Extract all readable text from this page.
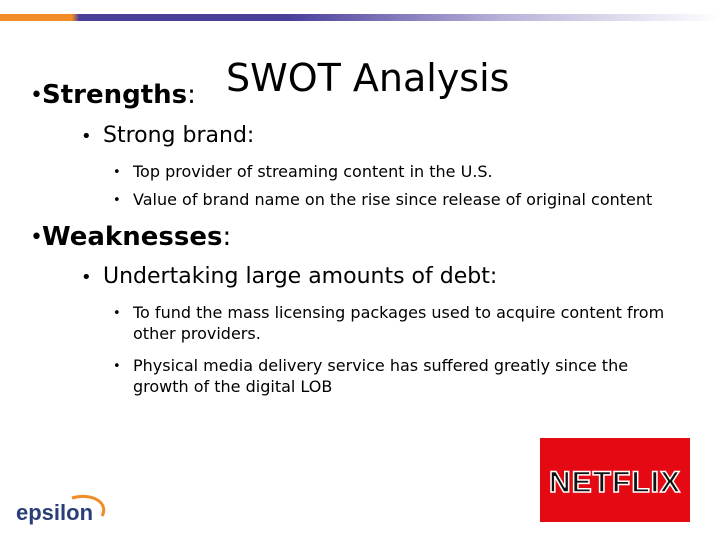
SWOT Analysis
• Strengths:
• Strong brand:
• Top provider of streaming content in the U.S.
• Value of brand name on the rise since release of original content
• Weaknesses:
• Undertaking large amounts of debt:
• To fund the mass licensing packages used to acquire content from other providers.
• Physical media delivery service has suffered greatly since the growth of the digital LOB
epsilon
NETFLIX
